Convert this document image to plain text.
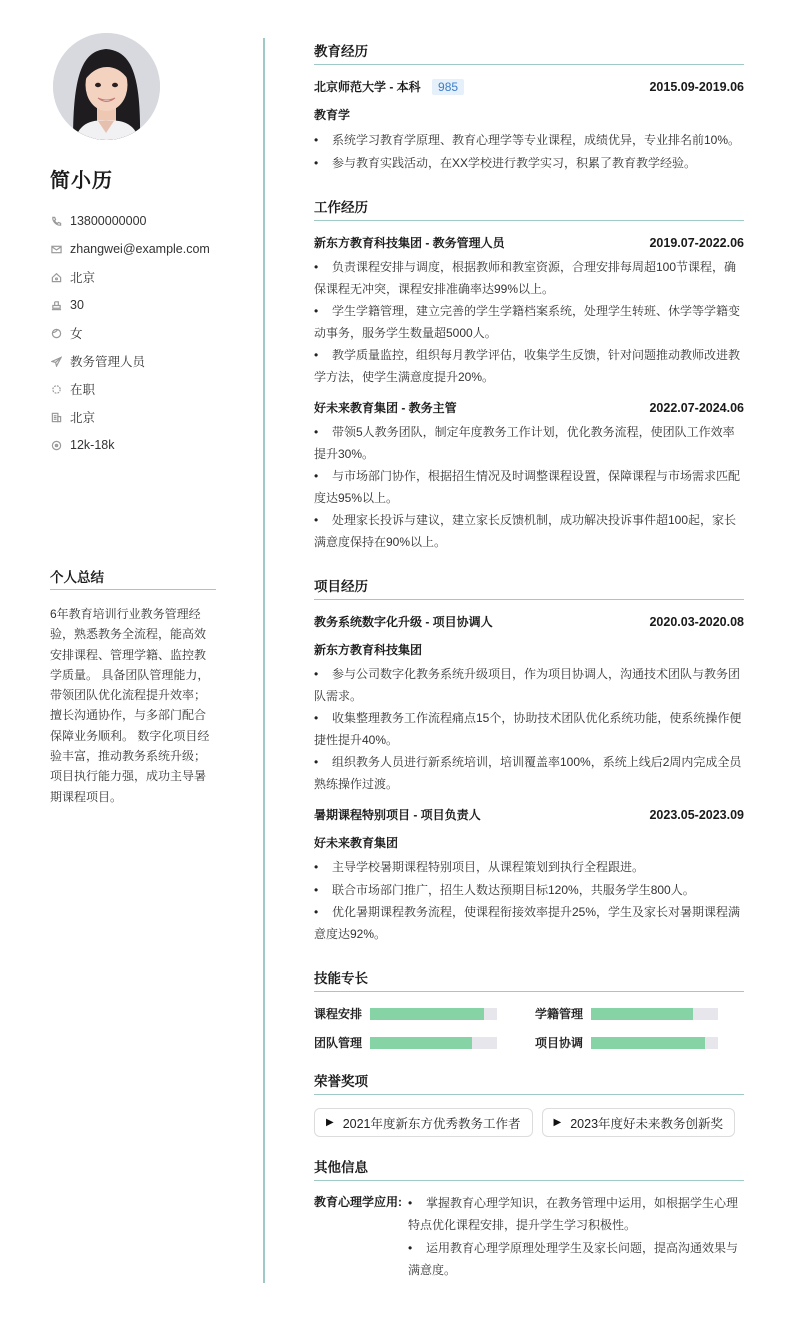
简小历
13800000000
zhangwei@example.com
北京
30
女
教务管理人员
在职
北京
12k-18k
个人总结
6年教育培训行业教务管理经验，熟悉教务全流程，能高效安排课程、管理学籍、监控教学质量。 具备团队管理能力，带领团队优化流程提升效率；擅长沟通协作，与多部门配合保障业务顺利。 数字化项目经验丰富，推动教务系统升级；项目执行能力强，成功主导暑期课程项目。
教育经历
北京师范大学 - 本科 985	2015.09-2019.06
教育学
• 系统学习教育学原理、教育心理学等专业课程，成绩优异，专业排名前10%。
• 参与教育实践活动，在XX学校进行教学实习，积累了教育教学经验。
工作经历
新东方教育科技集团 - 教务管理人员	2019.07-2022.06
• 负责课程安排与调度，根据教师和教室资源，合理安排每周超100节课程，确保课程无冲突，课程安排准确率达99%以上。
• 学生学籍管理，建立完善的学生学籍档案系统，处理学生转班、休学等学籍变动事务，服务学生数量超5000人。
• 教学质量监控，组织每月教学评估，收集学生反馈，针对问题推动教师改进教学方法，使学生满意度提升20%。
好未来教育集团 - 教务主管	2022.07-2024.06
• 带领5人教务团队，制定年度教务工作计划，优化教务流程，使团队工作效率提升30%。
• 与市场部门协作，根据招生情况及时调整课程设置，保障课程与市场需求匹配度达95%以上。
• 处理家长投诉与建议，建立家长反馈机制，成功解决投诉事件超100起，家长满意度保持在90%以上。
项目经历
教务系统数字化升级 - 项目协调人	2020.03-2020.08
新东方教育科技集团
• 参与公司数字化教务系统升级项目，作为项目协调人，沟通技术团队与教务团队需求。
• 收集整理教务工作流程痛点15个，协助技术团队优化系统功能，使系统操作便捷性提升40%。
• 组织教务人员进行新系统培训，培训覆盖率100%，系统上线后2周内完成全员熟练操作过渡。
暑期课程特别项目 - 项目负责人	2023.05-2023.09
好未来教育集团
• 主导学校暑期课程特别项目，从课程策划到执行全程跟进。
• 联合市场部门推广，招生人数达预期目标120%，共服务学生800人。
• 优化暑期课程教务流程，使课程衔接效率提升25%，学生及家长对暑期课程满意度达92%。
技能专长
课程安排	学籍管理
团队管理	项目协调
荣誉奖项
▶ 2021年度新东方优秀教务工作者	▶ 2023年度好未来教务创新奖
其他信息
教育心理学应用:	• 掌握教育心理学知识，在教务管理中运用，如根据学生心理特点优化课程安排，提升学生学习积极性。
• 运用教育心理学原理处理学生及家长问题，提高沟通效果与满意度。
